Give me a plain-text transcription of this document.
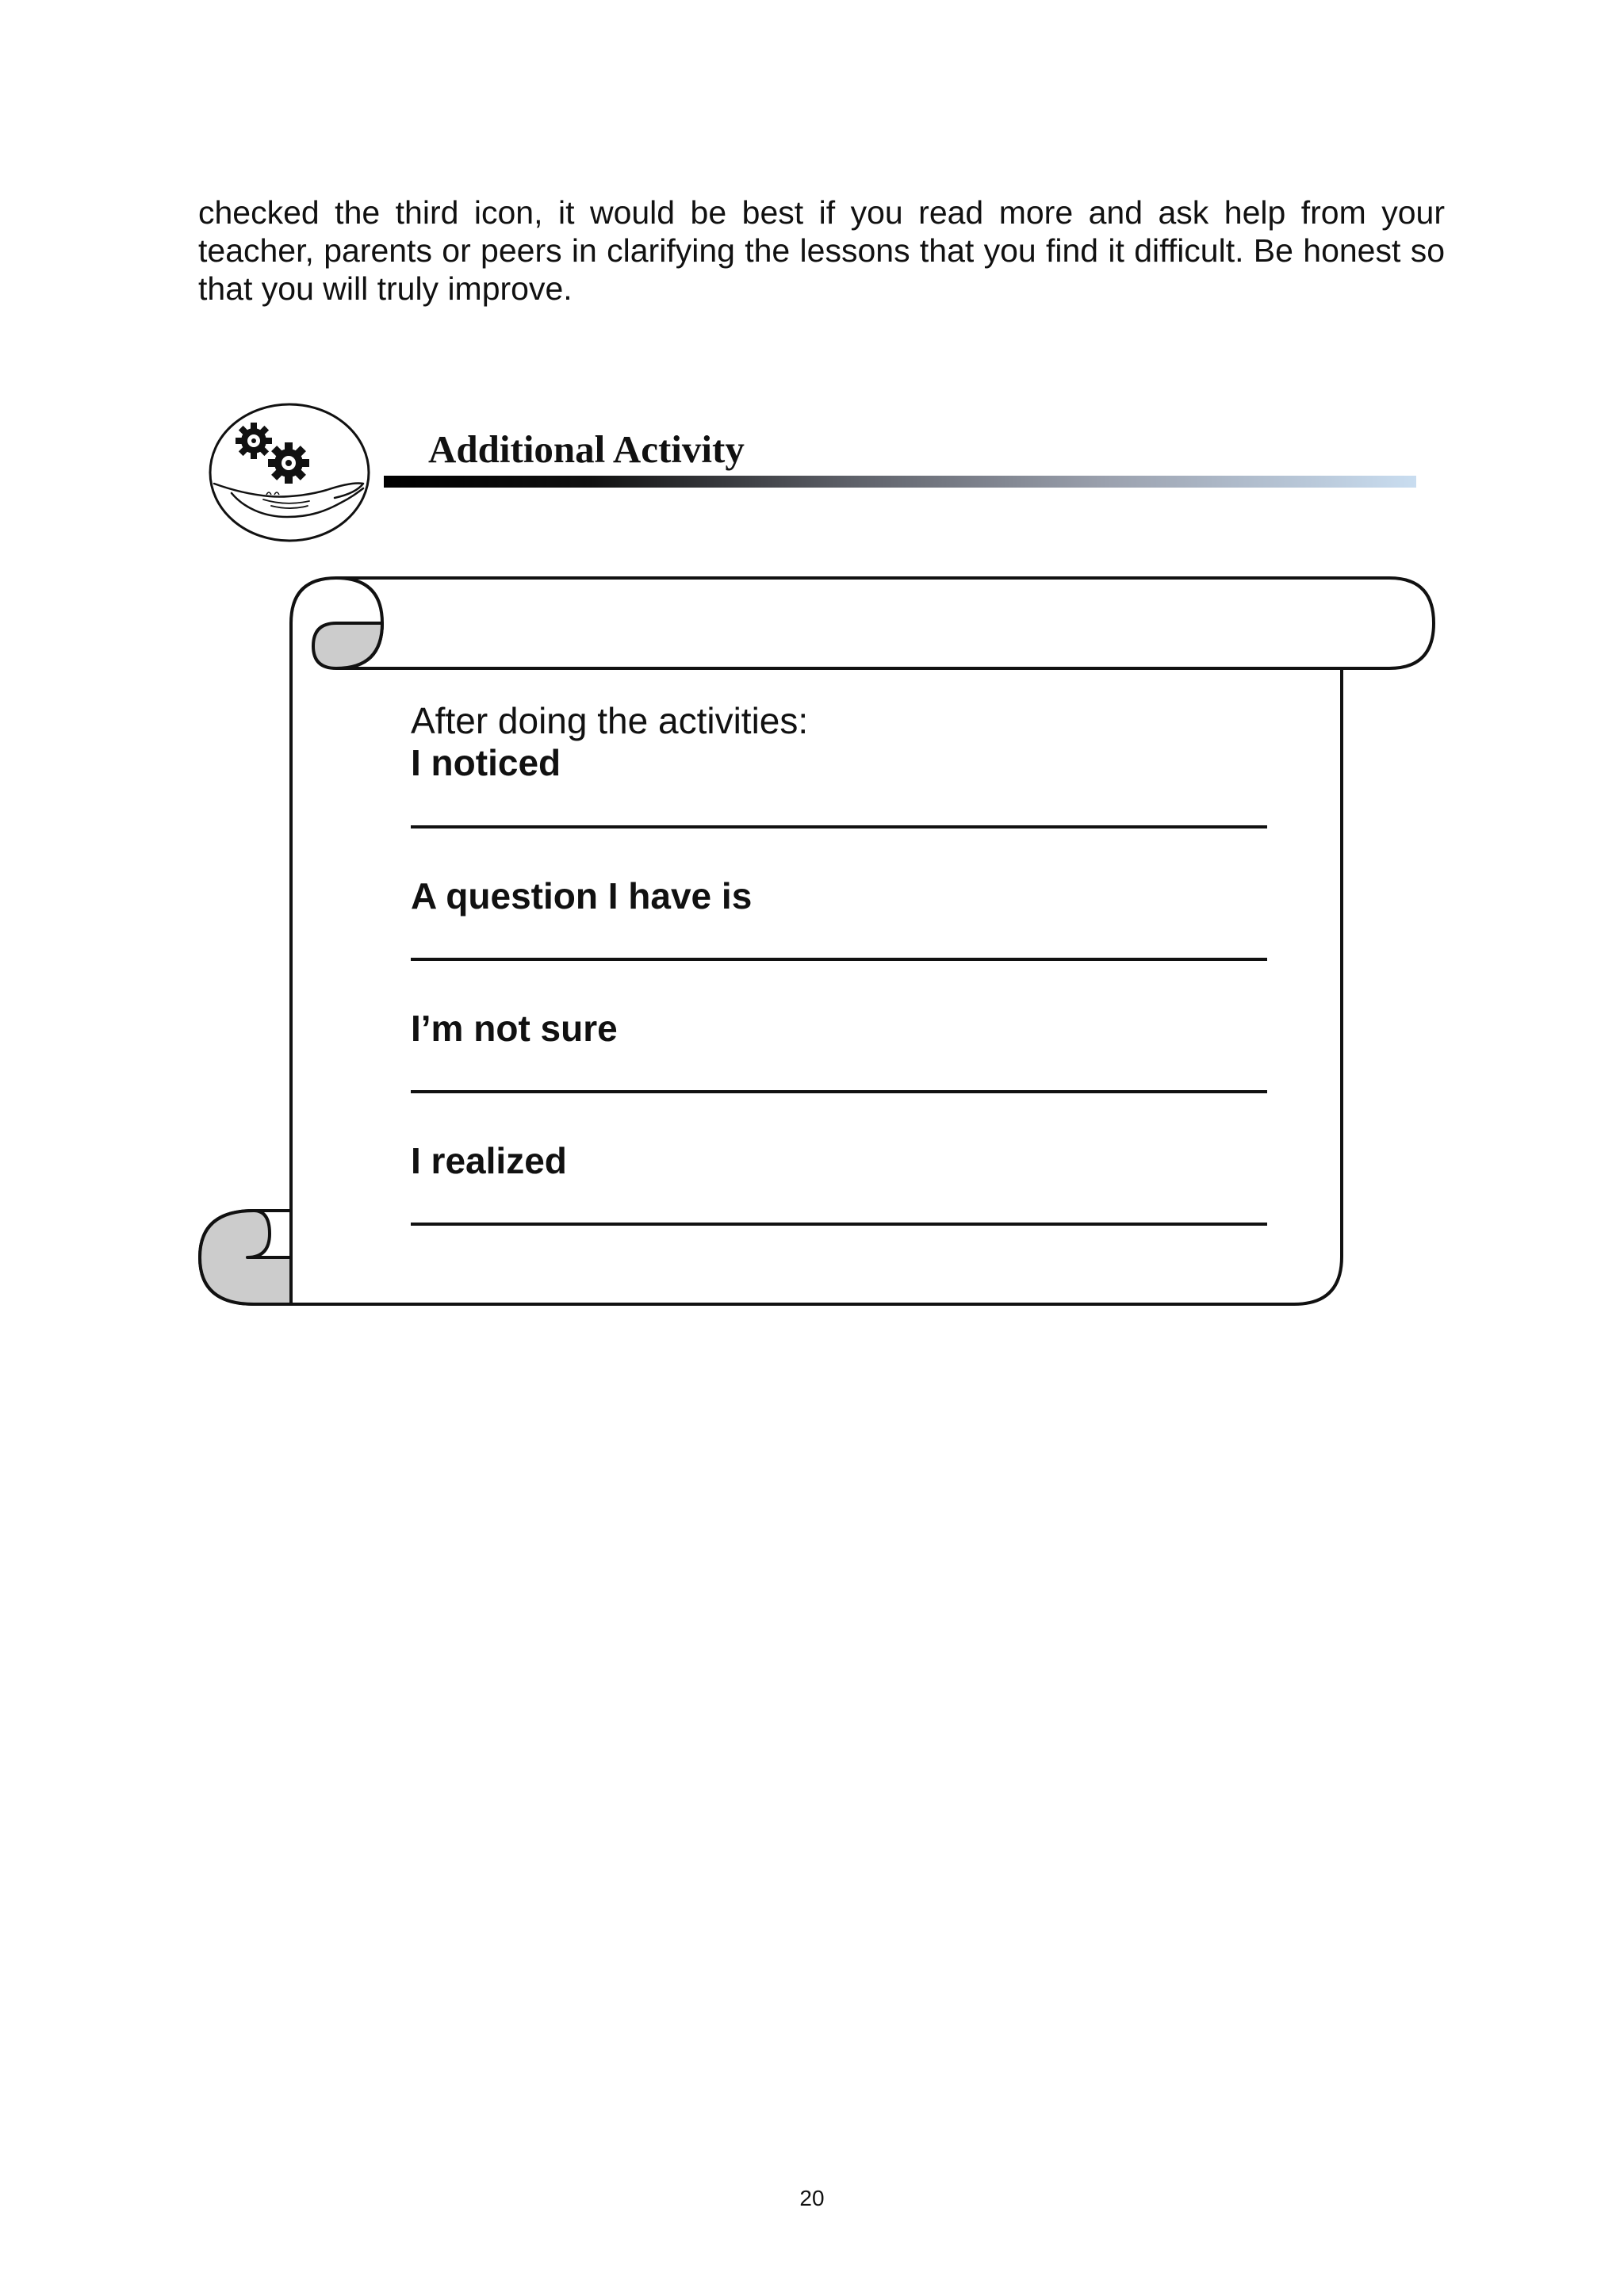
checked the third icon, it would be best if you read more and ask help from your teacher, parents or peers in clarifying the lessons that you find it difficult. Be honest so that you will truly improve.

Additional Activity

After doing the activities:

I noticed

A question I have is

I’m not sure

I realized

20
